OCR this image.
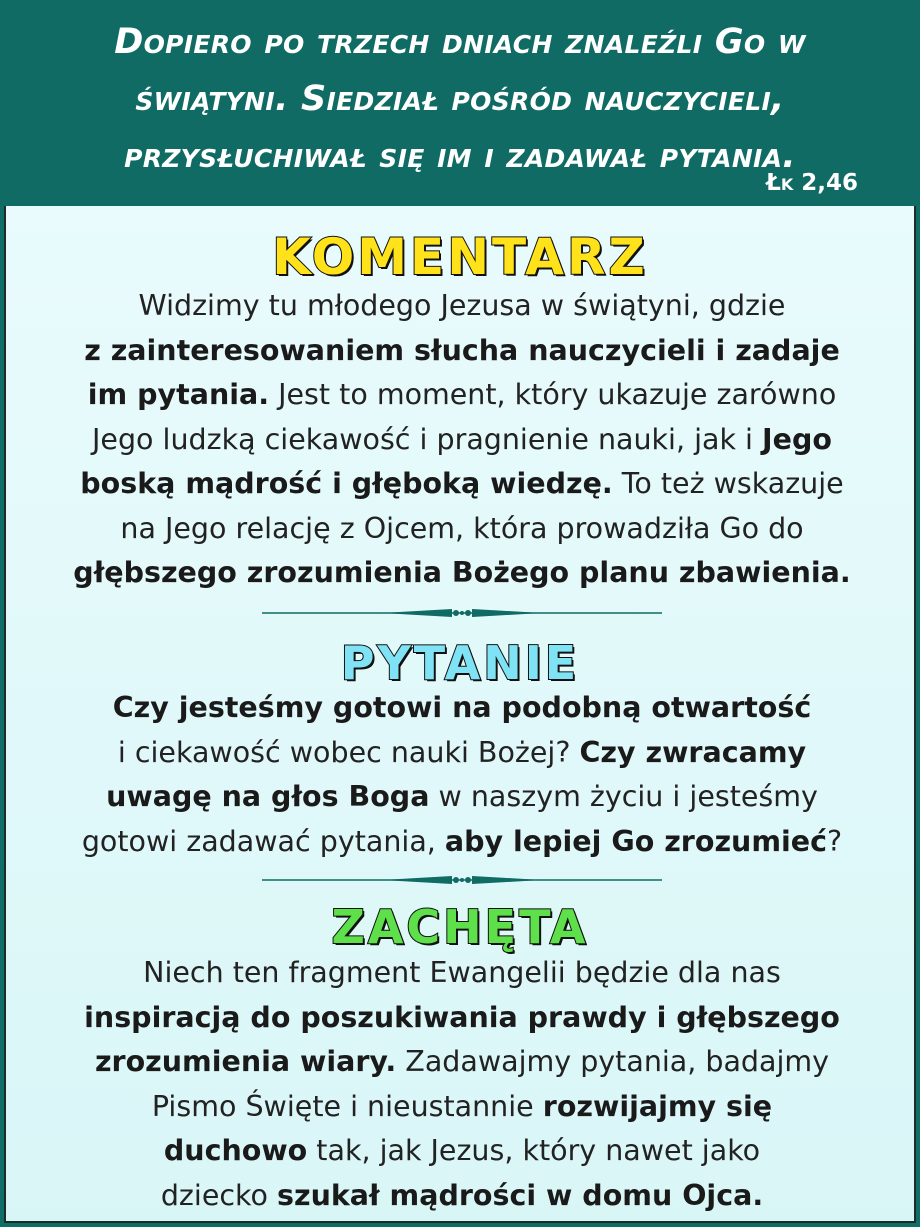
Dopiero po trzech dniach znaleźli Go w
świątyni. Siedział pośród nauczycieli,
przysłuchiwał się im i zadawał pytania.
Łk 2,46
KOMENTARZ
Widzimy tu młodego Jezusa w świątyni, gdzie
z zainteresowaniem słucha nauczycieli i zadaje
im pytania. Jest to moment, który ukazuje zarówno
Jego ludzką ciekawość i pragnienie nauki, jak i Jego
boską mądrość i głęboką wiedzę. To też wskazuje
na Jego relację z Ojcem, która prowadziła Go do
głębszego zrozumienia Bożego planu zbawienia.
PYTANIE
Czy jesteśmy gotowi na podobną otwartość
i ciekawość wobec nauki Bożej? Czy zwracamy
uwagę na głos Boga w naszym życiu i jesteśmy
gotowi zadawać pytania, aby lepiej Go zrozumieć?
ZACHĘTA
Niech ten fragment Ewangelii będzie dla nas
inspiracją do poszukiwania prawdy i głębszego
zrozumienia wiary. Zadawajmy pytania, badajmy
Pismo Święte i nieustannie rozwijajmy się
duchowo tak, jak Jezus, który nawet jako
dziecko szukał mądrości w domu Ojca.
